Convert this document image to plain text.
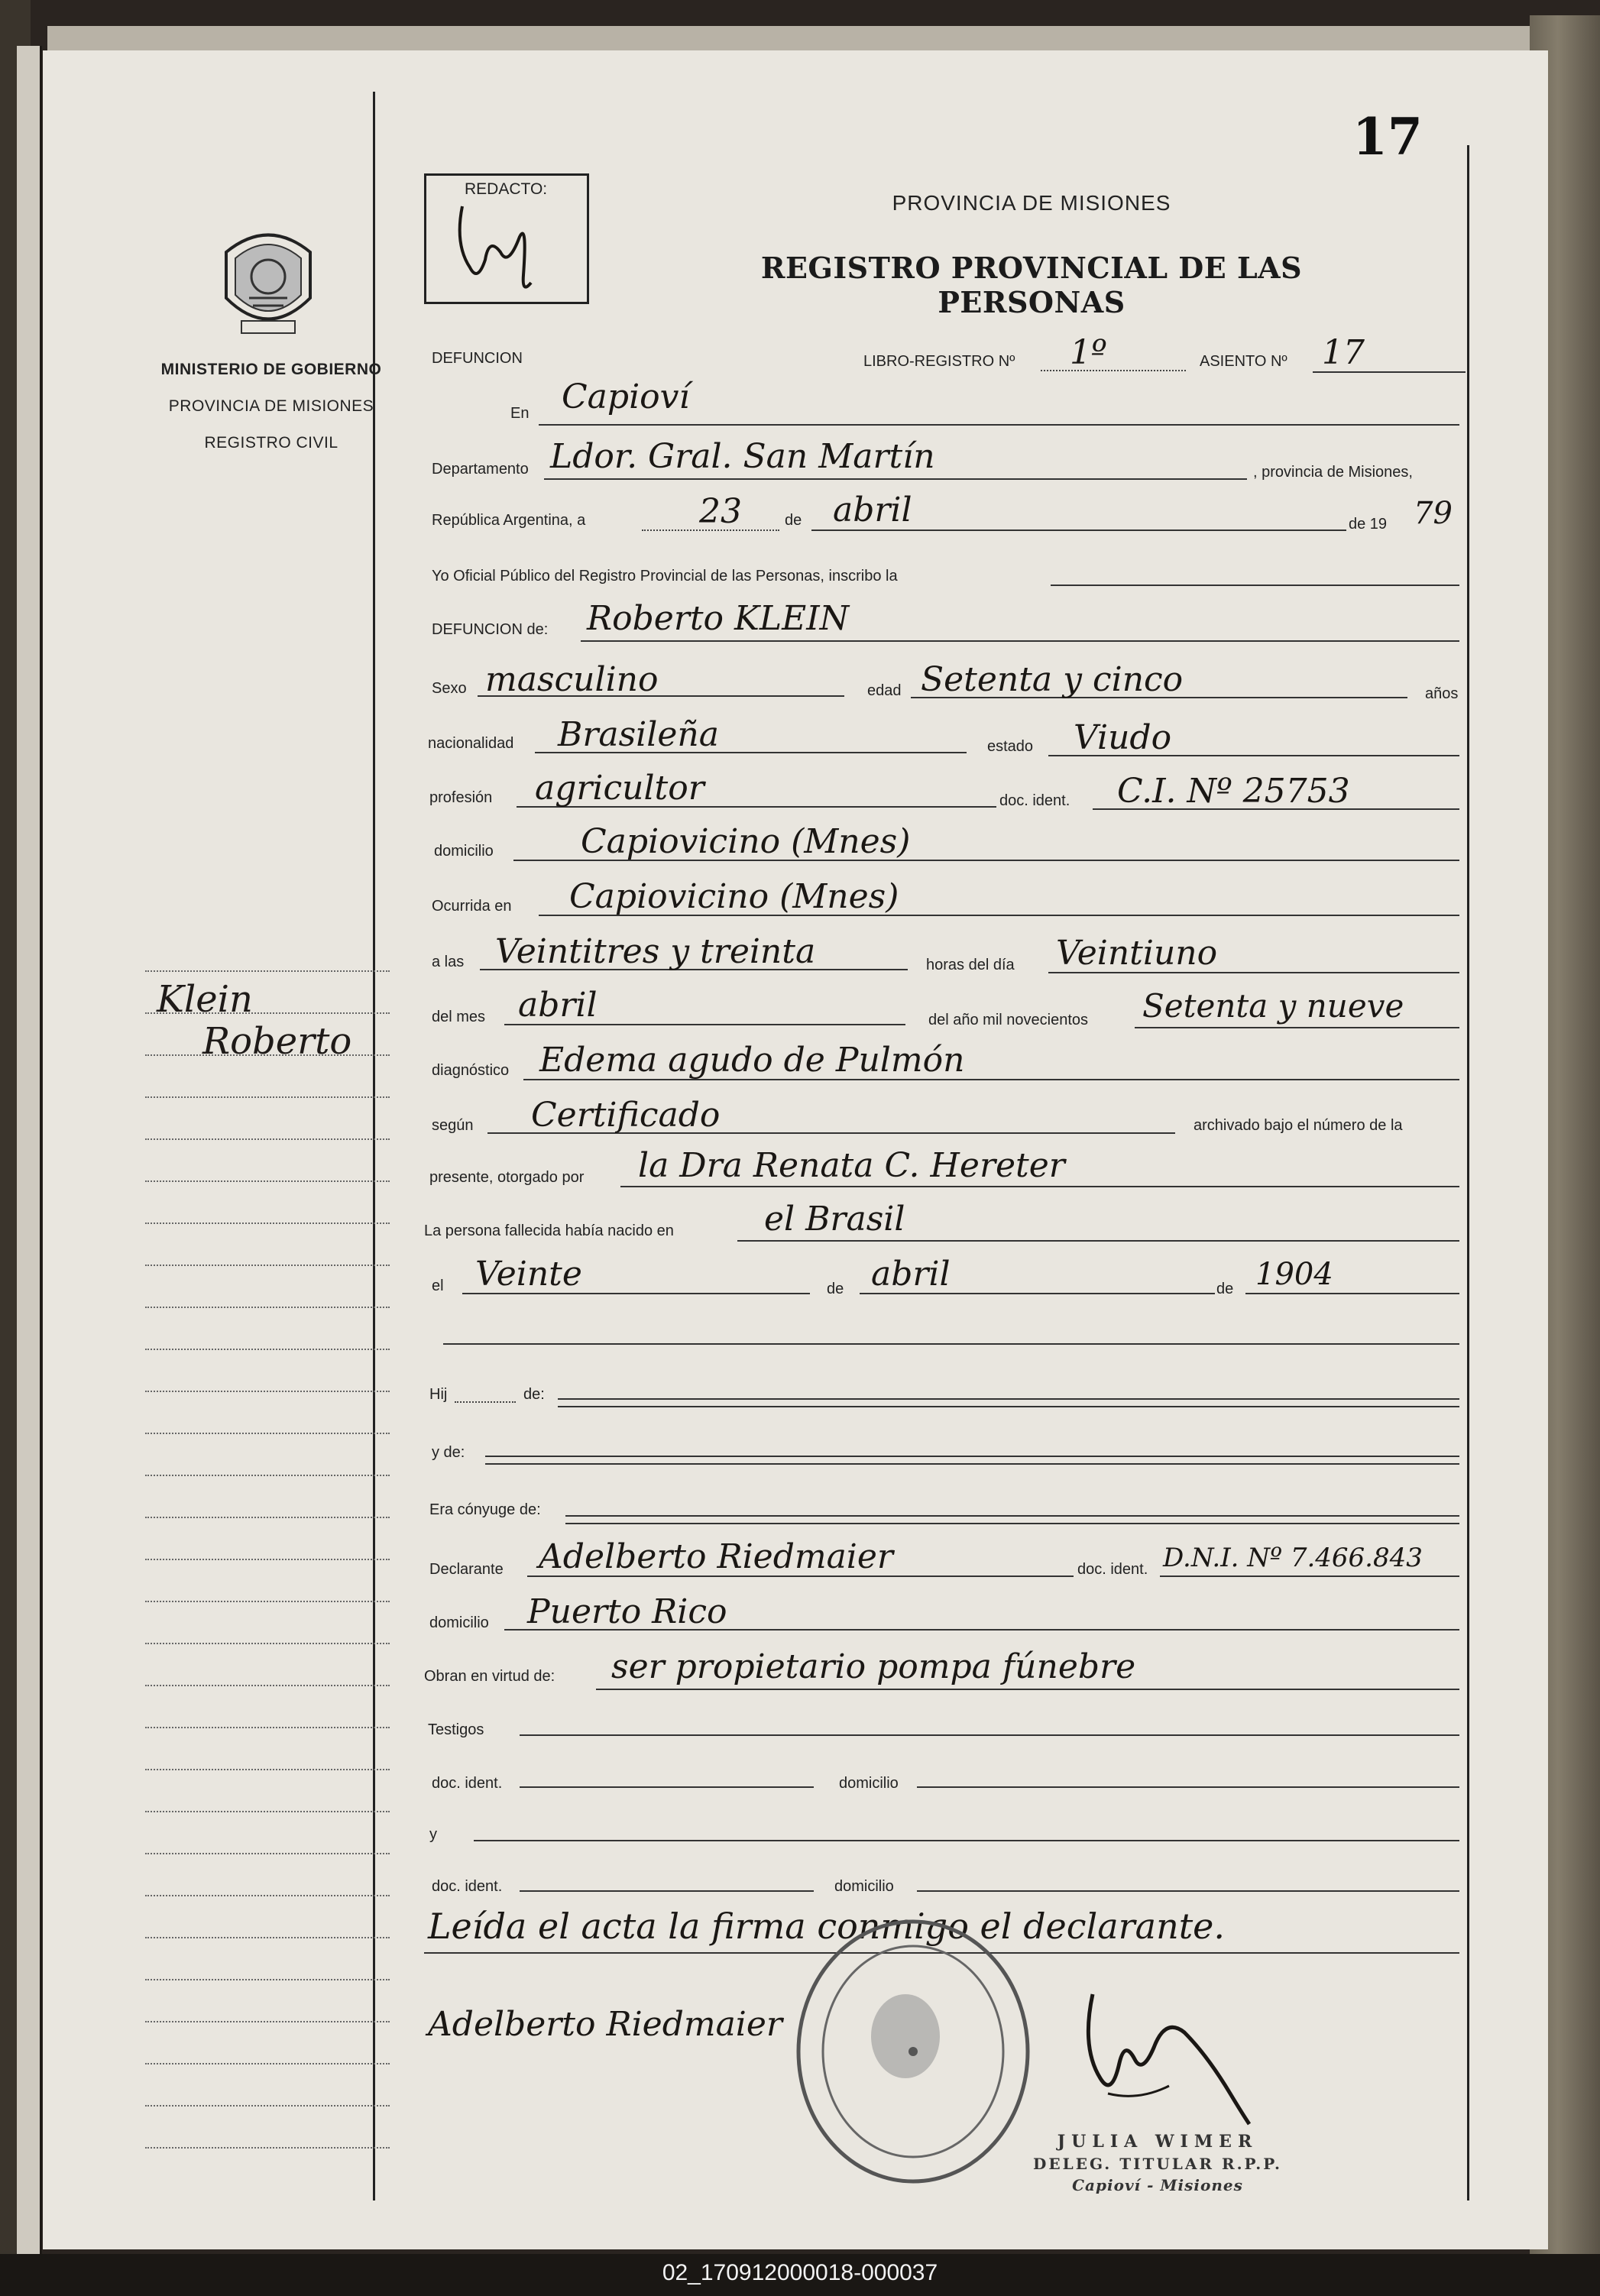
17
MINISTERIO DE GOBIERNO
PROVINCIA DE MISIONES
REGISTRO CIVIL
Klein
Roberto
REDACTO:
PROVINCIA DE MISIONES
REGISTRO PROVINCIAL DE LAS PERSONAS
DEFUNCION	LIBRO-REGISTRO Nº 1º	ASIENTO Nº 17
En Capioví
Departamento Ldor. Gral. San Martín	, provincia de Misiones,
República Argentina, a	23	de abril	de 19 79
Yo Oficial Público del Registro Provincial de las Personas, inscribo la
DEFUNCION de: Roberto KLEIN
Sexo masculino	edad Setenta y cinco	años
nacionalidad Brasileña	estado Viudo
profesión agricultor	doc. ident. C.I. Nº 25753
domicilio	Capiovicino (Mnes)
Ocurrida en Capiovicino (Mnes)
a las Veintitres y treinta	horas del día Veintiuno
del mes abril	del año mil novecientos Setenta y nueve
diagnóstico Edema agudo de Pulmón
según Certificado	archivado bajo el número de la
presente, otorgado por la Dra Renata C. Hereter
La persona fallecida había nacido en	el Brasil
el Veinte	de abril	de 1904
Hij	de:
y de:
Era cónyuge de:
Declarante Adelberto Riedmaier	doc. ident. D.N.I. Nº 7.466.843
domicilio Puerto Rico
Obran en virtud de: ser propietario pompa fúnebre
Testigos
doc. ident.	domicilio
y
doc. ident.	domicilio
Leída el acta la firma conmigo el declarante.
Adelberto Riedmaier
JULIA WIMER
DELEG. TITULAR R.P.P.
Capioví - Misiones
02_170912000018-000037
